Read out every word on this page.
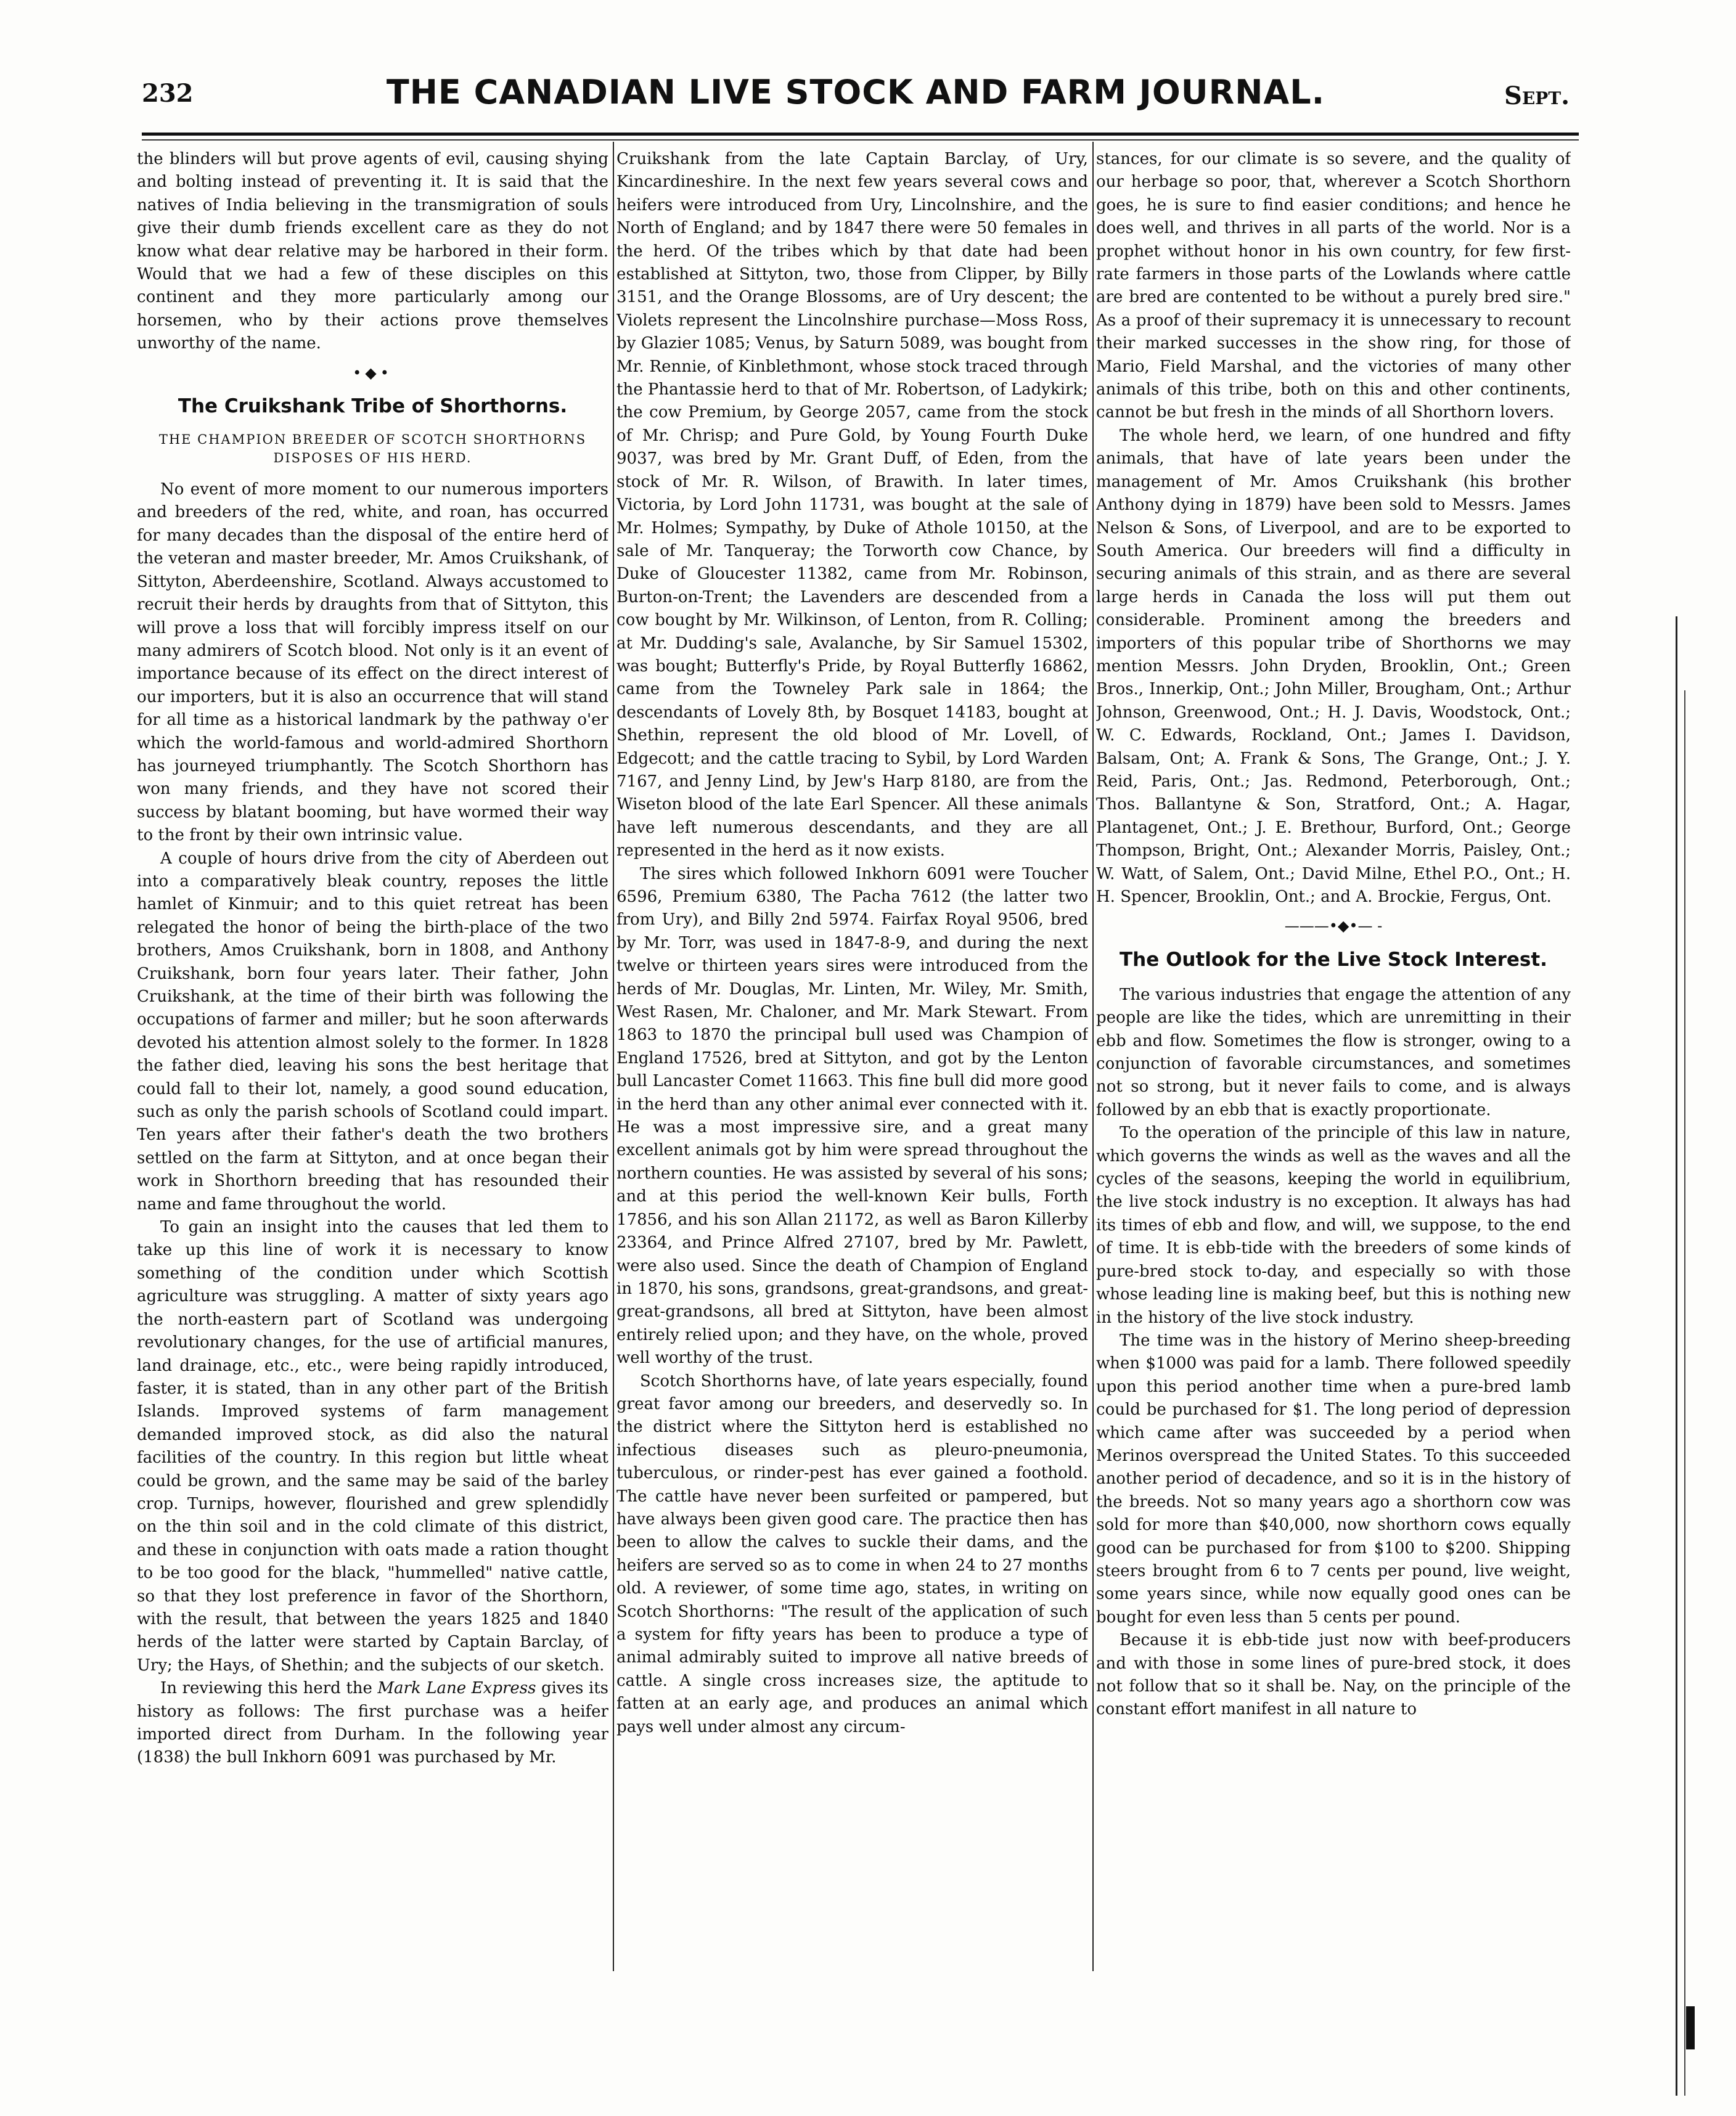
232	THE CANADIAN LIVE STOCK AND FARM JOURNAL.	Sept.

the blinders will but prove agents of evil, causing shying and bolting instead of preventing it. It is said that the natives of India believing in the transmigration of souls give their dumb friends excellent care as they do not know what dear relative may be harbored in their form. Would that we had a few of these disciples on this continent and they more particularly among our horsemen, who by their actions prove themselves unworthy of the name.

•◆•
The Cruikshank Tribe of Shorthorns.
THE CHAMPION BREEDER OF SCOTCH SHORTHORNS DISPOSES OF HIS HERD.

No event of more moment to our numerous importers and breeders of the red, white, and roan, has occurred for many decades than the disposal of the entire herd of the veteran and master breeder, Mr. Amos Cruikshank, of Sittyton, Aberdeenshire, Scotland. Always accustomed to recruit their herds by draughts from that of Sittyton, this will prove a loss that will forcibly impress itself on our many admirers of Scotch blood. Not only is it an event of importance because of its effect on the direct interest of our importers, but it is also an occurrence that will stand for all time as a historical landmark by the pathway o'er which the world-famous and world-admired Shorthorn has journeyed triumphantly. The Scotch Shorthorn has won many friends, and they have not scored their success by blatant booming, but have wormed their way to the front by their own intrinsic value.

A couple of hours drive from the city of Aberdeen out into a comparatively bleak country, reposes the little hamlet of Kinmuir; and to this quiet retreat has been relegated the honor of being the birth-place of the two brothers, Amos Cruikshank, born in 1808, and Anthony Cruikshank, born four years later. Their father, John Cruikshank, at the time of their birth was following the occupations of farmer and miller; but he soon afterwards devoted his attention almost solely to the former. In 1828 the father died, leaving his sons the best heritage that could fall to their lot, namely, a good sound education, such as only the parish schools of Scotland could impart. Ten years after their father's death the two brothers settled on the farm at Sittyton, and at once began their work in Shorthorn breeding that has resounded their name and fame throughout the world.

To gain an insight into the causes that led them to take up this line of work it is necessary to know something of the condition under which Scottish agriculture was struggling. A matter of sixty years ago the north-eastern part of Scotland was undergoing revolutionary changes, for the use of artificial manures, land drainage, etc., etc., were being rapidly introduced, faster, it is stated, than in any other part of the British Islands. Improved systems of farm management demanded improved stock, as did also the natural facilities of the country. In this region but little wheat could be grown, and the same may be said of the barley crop. Turnips, however, flourished and grew splendidly on the thin soil and in the cold climate of this district, and these in conjunction with oats made a ration thought to be too good for the black, "hummelled" native cattle, so that they lost preference in favor of the Shorthorn, with the result, that between the years 1825 and 1840 herds of the latter were started by Captain Barclay, of Ury; the Hays, of Shethin; and the subjects of our sketch.

In reviewing this herd the Mark Lane Express gives its history as follows: The first purchase was a heifer imported direct from Durham. In the following year (1838) the bull Inkhorn 6091 was purchased by Mr.

Cruikshank from the late Captain Barclay, of Ury, Kincardineshire. In the next few years several cows and heifers were introduced from Ury, Lincolnshire, and the North of England; and by 1847 there were 50 females in the herd. Of the tribes which by that date had been established at Sittyton, two, those from Clipper, by Billy 3151, and the Orange Blossoms, are of Ury descent; the Violets represent the Lincolnshire purchase—Moss Ross, by Glazier 1085; Venus, by Saturn 5089, was bought from Mr. Rennie, of Kinblethmont, whose stock traced through the Phantassie herd to that of Mr. Robertson, of Ladykirk; the cow Premium, by George 2057, came from the stock of Mr. Chrisp; and Pure Gold, by Young Fourth Duke 9037, was bred by Mr. Grant Duff, of Eden, from the stock of Mr. R. Wilson, of Brawith. In later times, Victoria, by Lord John 11731, was bought at the sale of Mr. Holmes; Sympathy, by Duke of Athole 10150, at the sale of Mr. Tanqueray; the Torworth cow Chance, by Duke of Gloucester 11382, came from Mr. Robinson, Burton-on-Trent; the Lavenders are descended from a cow bought by Mr. Wilkinson, of Lenton, from R. Colling; at Mr. Dudding's sale, Avalanche, by Sir Samuel 15302, was bought; Butterfly's Pride, by Royal Butterfly 16862, came from the Towneley Park sale in 1864; the descendants of Lovely 8th, by Bosquet 14183, bought at Shethin, represent the old blood of Mr. Lovell, of Edgecott; and the cattle tracing to Sybil, by Lord Warden 7167, and Jenny Lind, by Jew's Harp 8180, are from the Wiseton blood of the late Earl Spencer. All these animals have left numerous descendants, and they are all represented in the herd as it now exists.

The sires which followed Inkhorn 6091 were Toucher 6596, Premium 6380, The Pacha 7612 (the latter two from Ury), and Billy 2nd 5974. Fairfax Royal 9506, bred by Mr. Torr, was used in 1847-8-9, and during the next twelve or thirteen years sires were introduced from the herds of Mr. Douglas, Mr. Linten, Mr. Wiley, Mr. Smith, West Rasen, Mr. Chaloner, and Mr. Mark Stewart. From 1863 to 1870 the principal bull used was Champion of England 17526, bred at Sittyton, and got by the Lenton bull Lancaster Comet 11663. This fine bull did more good in the herd than any other animal ever connected with it. He was a most impressive sire, and a great many excellent animals got by him were spread throughout the northern counties. He was assisted by several of his sons; and at this period the well-known Keir bulls, Forth 17856, and his son Allan 21172, as well as Baron Killerby 23364, and Prince Alfred 27107, bred by Mr. Pawlett, were also used. Since the death of Champion of England in 1870, his sons, grandsons, great-grandsons, and great-great-grandsons, all bred at Sittyton, have been almost entirely relied upon; and they have, on the whole, proved well worthy of the trust.

Scotch Shorthorns have, of late years especially, found great favor among our breeders, and deservedly so. In the district where the Sittyton herd is established no infectious diseases such as pleuro-pneumonia, tuberculous, or rinder-pest has ever gained a foothold. The cattle have never been surfeited or pampered, but have always been given good care. The practice then has been to allow the calves to suckle their dams, and the heifers are served so as to come in when 24 to 27 months old. A reviewer, of some time ago, states, in writing on Scotch Shorthorns: "The result of the application of such a system for fifty years has been to produce a type of animal admirably suited to improve all native breeds of cattle. A single cross increases size, the aptitude to fatten at an early age, and produces an animal which pays well under almost any circum-

stances, for our climate is so severe, and the quality of our herbage so poor, that, wherever a Scotch Shorthorn goes, he is sure to find easier conditions; and hence he does well, and thrives in all parts of the world. Nor is a prophet without honor in his own country, for few first-rate farmers in those parts of the Lowlands where cattle are bred are contented to be without a purely bred sire." As a proof of their supremacy it is unnecessary to recount their marked successes in the show ring, for those of Mario, Field Marshal, and the victories of many other animals of this tribe, both on this and other continents, cannot be but fresh in the minds of all Shorthorn lovers.

The whole herd, we learn, of one hundred and fifty animals, that have of late years been under the management of Mr. Amos Cruikshank (his brother Anthony dying in 1879) have been sold to Messrs. James Nelson & Sons, of Liverpool, and are to be exported to South America. Our breeders will find a difficulty in securing animals of this strain, and as there are several large herds in Canada the loss will put them out considerable. Prominent among the breeders and importers of this popular tribe of Shorthorns we may mention Messrs. John Dryden, Brooklin, Ont.; Green Bros., Innerkip, Ont.; John Miller, Brougham, Ont.; Arthur Johnson, Greenwood, Ont.; H. J. Davis, Woodstock, Ont.; W. C. Edwards, Rockland, Ont.; James I. Davidson, Balsam, Ont; A. Frank & Sons, The Grange, Ont.; J. Y. Reid, Paris, Ont.; Jas. Redmond, Peterborough, Ont.; Thos. Ballantyne & Son, Stratford, Ont.; A. Hagar, Plantagenet, Ont.; J. E. Brethour, Burford, Ont.; George Thompson, Bright, Ont.; Alexander Morris, Paisley, Ont.; W. Watt, of Salem, Ont.; David Milne, Ethel P.O., Ont.; H. H. Spencer, Brooklin, Ont.; and A. Brockie, Fergus, Ont.

———•◆•— -
The Outlook for the Live Stock Interest.

The various industries that engage the attention of any people are like the tides, which are unremitting in their ebb and flow. Sometimes the flow is stronger, owing to a conjunction of favorable circumstances, and sometimes not so strong, but it never fails to come, and is always followed by an ebb that is exactly proportionate.

To the operation of the principle of this law in nature, which governs the winds as well as the waves and all the cycles of the seasons, keeping the world in equilibrium, the live stock industry is no exception. It always has had its times of ebb and flow, and will, we suppose, to the end of time. It is ebb-tide with the breeders of some kinds of pure-bred stock to-day, and especially so with those whose leading line is making beef, but this is nothing new in the history of the live stock industry.

The time was in the history of Merino sheep-breeding when $1000 was paid for a lamb. There followed speedily upon this period another time when a pure-bred lamb could be purchased for $1. The long period of depression which came after was succeeded by a period when Merinos overspread the United States. To this succeeded another period of decadence, and so it is in the history of the breeds. Not so many years ago a shorthorn cow was sold for more than $40,000, now shorthorn cows equally good can be purchased for from $100 to $200. Shipping steers brought from 6 to 7 cents per pound, live weight, some years since, while now equally good ones can be bought for even less than 5 cents per pound.

Because it is ebb-tide just now with beef-producers and with those in some lines of pure-bred stock, it does not follow that so it shall be. Nay, on the principle of the constant effort manifest in all nature to
